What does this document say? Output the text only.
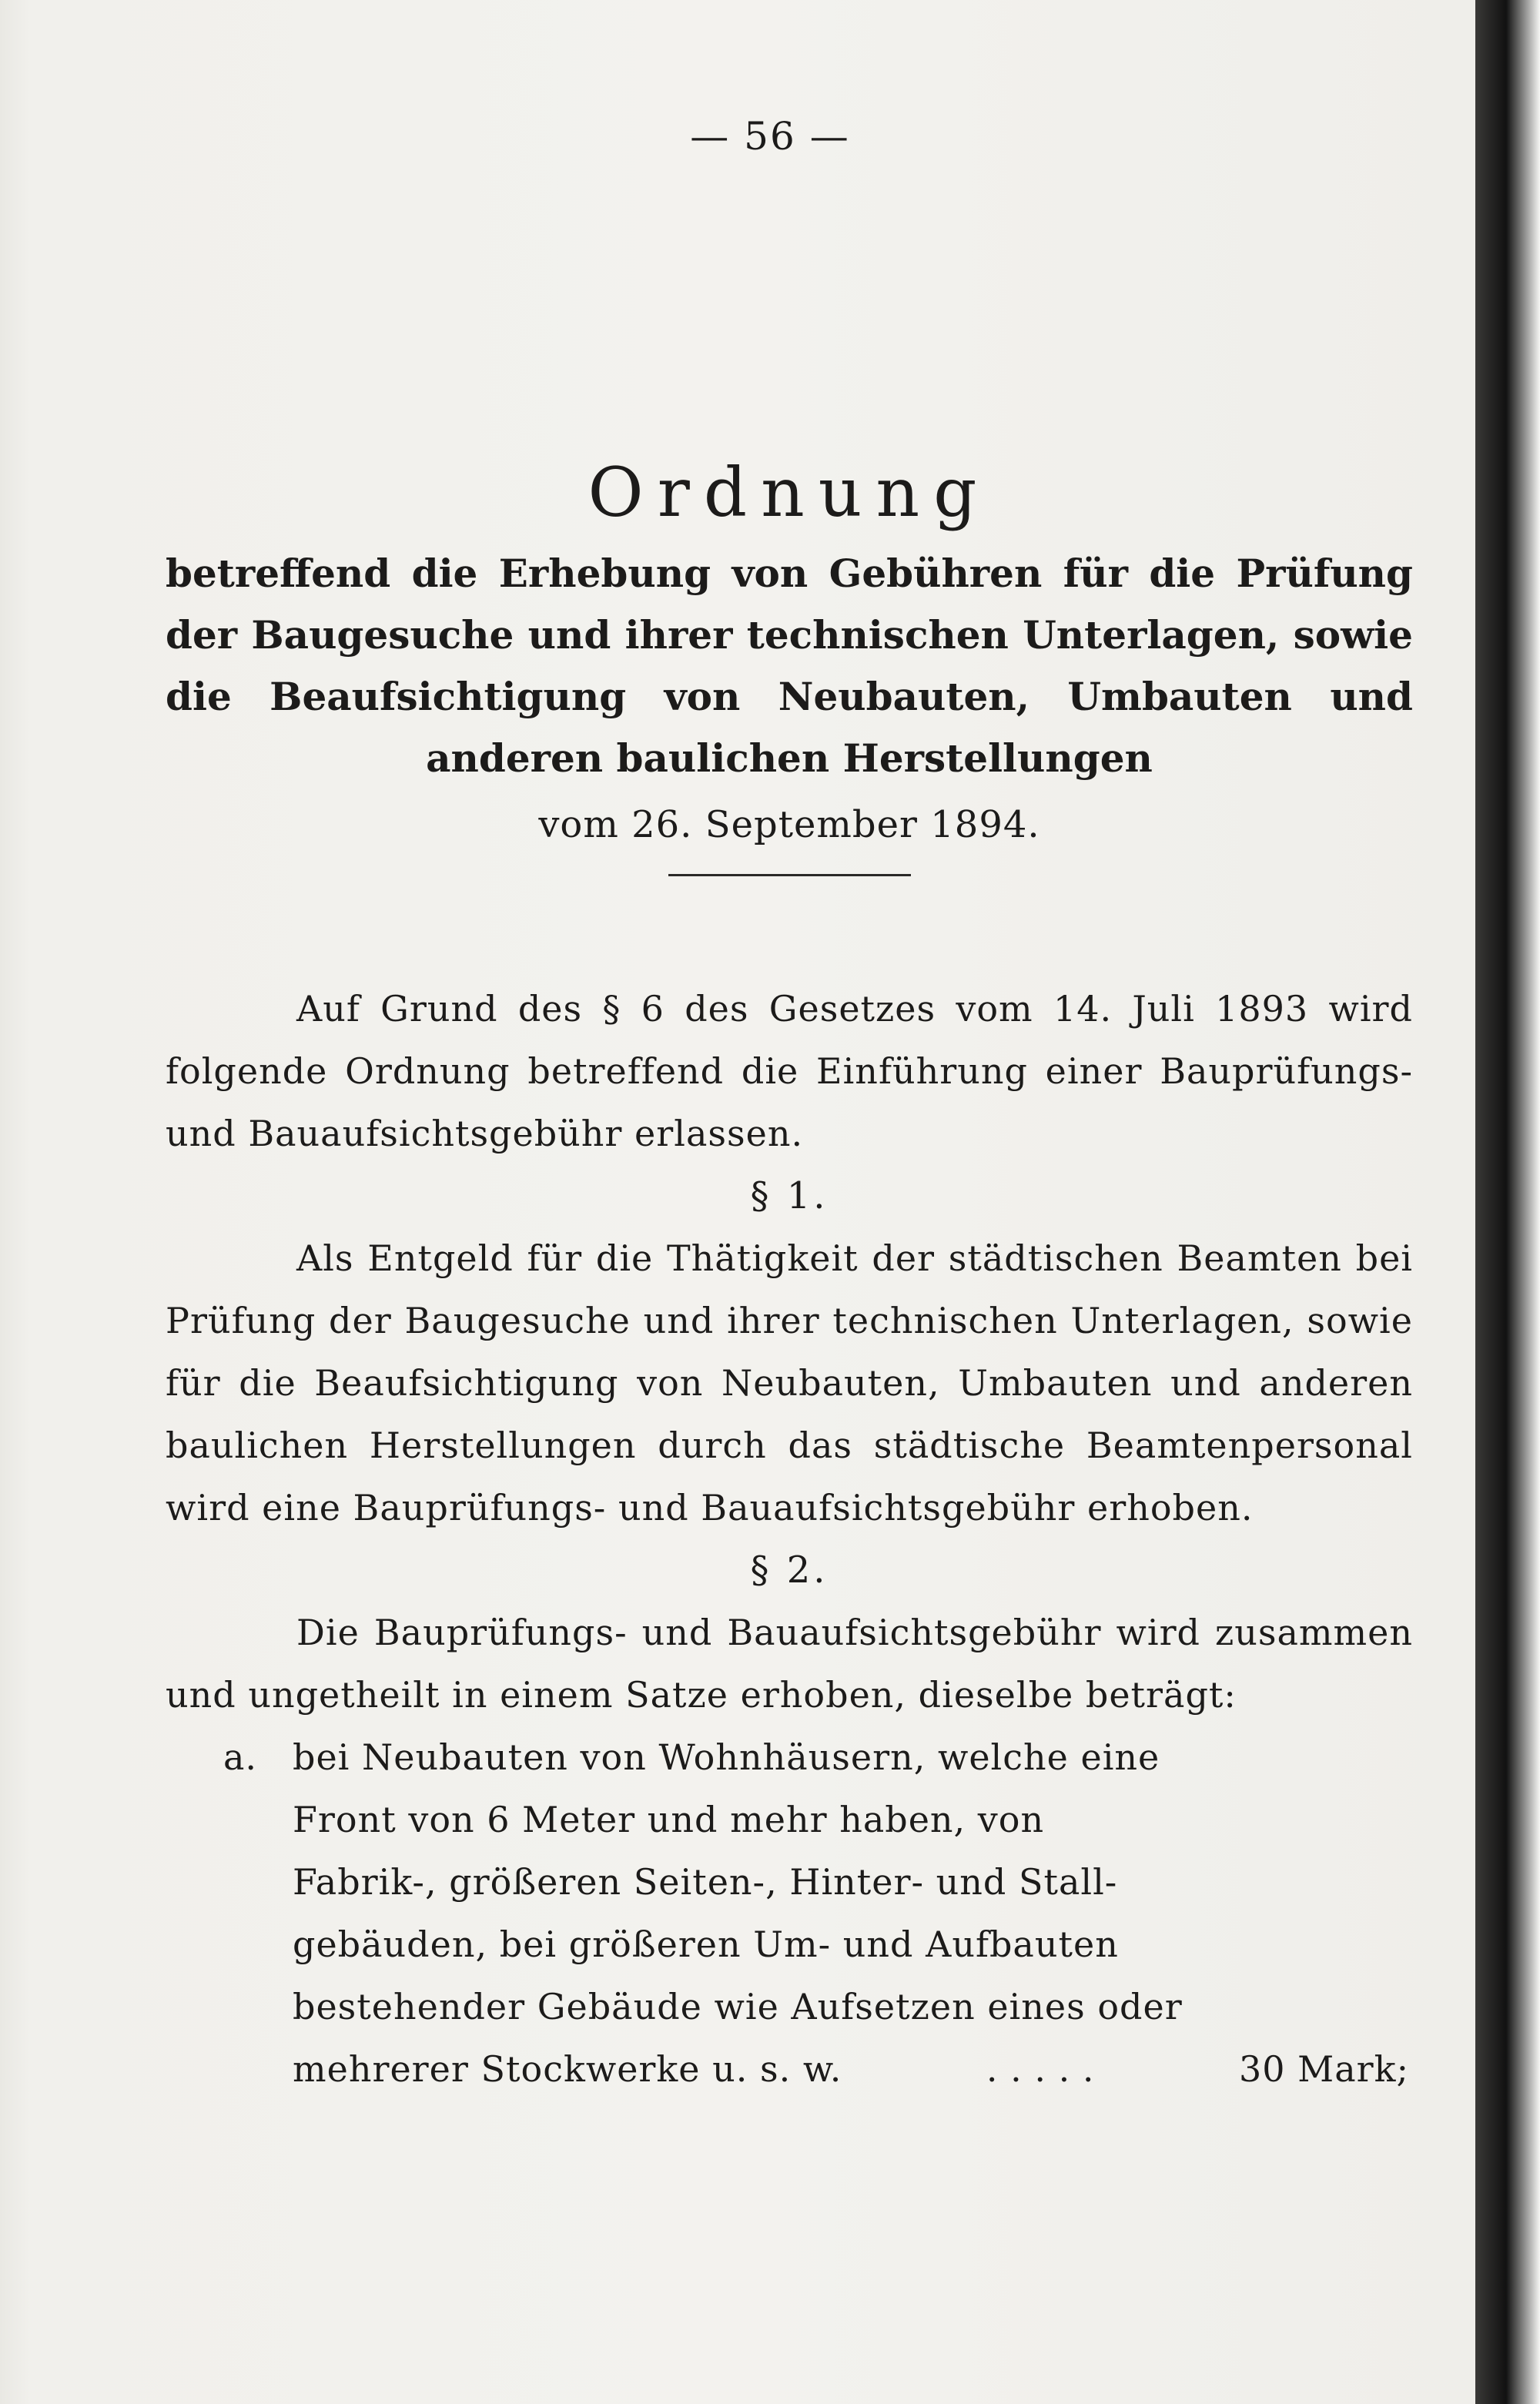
— 56 —
Ordnung

betreffend die Erhebung von Gebühren für die Prüfung der Baugesuche und ihrer technischen Unterlagen, sowie die Beaufsichtigung von Neubauten, Umbauten und anderen baulichen Herstellungen

vom 26. September 1894.

Auf Grund des § 6 des Gesetzes vom 14. Juli 1893 wird folgende Ordnung betreffend die Einführung einer Bauprüfungs- und Bauaufsichtsgebühr erlassen.

§ 1.

Als Entgeld für die Thätigkeit der städtischen Beamten bei Prüfung der Baugesuche und ihrer technischen Unterlagen, sowie für die Beaufsichtigung von Neubauten, Umbauten und anderen baulichen Herstellungen durch das städtische Beamtenpersonal wird eine Bauprüfungs- und Bauaufsichtsgebühr erhoben.

§ 2.

Die Bauprüfungs- und Bauaufsichtsgebühr wird zusammen und ungetheilt in einem Satze erhoben, dieselbe beträgt:

a. bei Neubauten von Wohnhäusern, welche eine
Front von 6 Meter und mehr haben, von
Fabrik-, größeren Seiten-, Hinter- und Stall-
gebäuden, bei größeren Um- und Aufbauten
bestehender Gebäude wie Aufsetzen eines oder
mehrerer Stockwerke u. s. w.	. . . . .	30 Mark;
